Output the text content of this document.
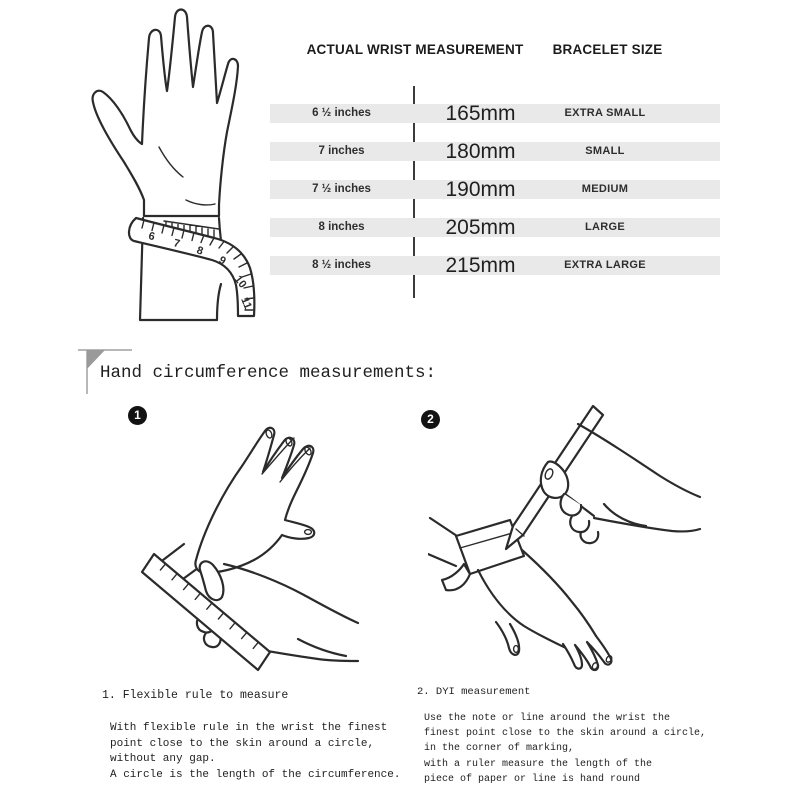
6
7
8
9
10
11
ACTUAL WRIST MEASUREMENT	BRACELET SIZE
6 ½ inches	165mm	EXTRA SMALL
7 inches	180mm	SMALL
7 ½ inches	190mm	MEDIUM
8 inches	205mm	LARGE
8 ½ inches	215mm	EXTRA LARGE
Hand circumference measurements:
1	2
1. Flexible rule to measure
With flexible rule in the wrist the finest
point close to the skin around a circle,
without any gap.
A circle is the length of the circumference.
2. DYI measurement
Use the note or line around the wrist the
finest point close to the skin around a circle,
in the corner of marking,
with a ruler measure the length of the
piece of paper or line is hand round
